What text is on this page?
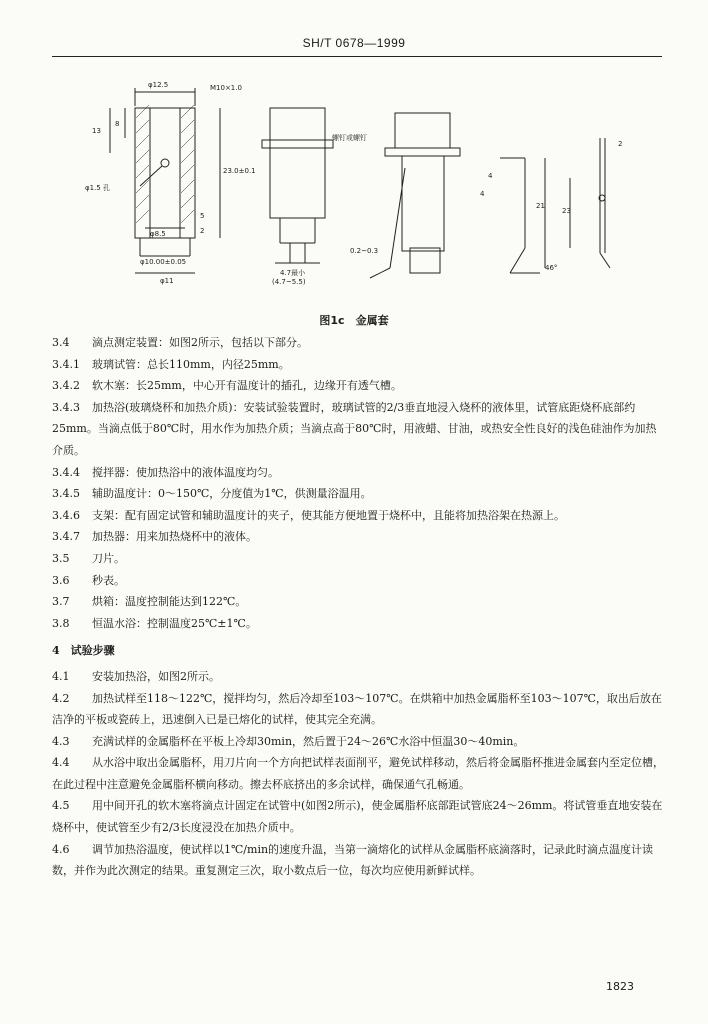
SH/T 0678—1999
φ12.5	M10×1.0
13
8
φ1.5 孔
23.0±0.1
φ8.5
φ10.00±0.05
φ11
5
2
4.7最小
(4.7~5.5)
螺钉或螺钉
0.2~0.3
4
21
23
46°
2
4
图1c　金属套

3.4 滴点测定装置：如图2所示，包括以下部分。

3.4.1 玻璃试管：总长110mm，内径25mm。

3.4.2 软木塞：长25mm，中心开有温度计的插孔，边缘开有透气槽。

3.4.3 加热浴(玻璃烧杯和加热介质)：安装试验装置时，玻璃试管的2/3垂直地浸入烧杯的液体里，试管底距烧杯底部约25mm。当滴点低于80℃时，用水作为加热介质；当滴点高于80℃时，用液蜡、甘油，或热安全性良好的浅色硅油作为加热介质。

3.4.4 搅拌器：使加热浴中的液体温度均匀。

3.4.5 辅助温度计：0～150℃，分度值为1℃，供测量浴温用。

3.4.6 支架：配有固定试管和辅助温度计的夹子，使其能方便地置于烧杯中，且能将加热浴架在热源上。

3.4.7 加热器：用来加热烧杯中的液体。

3.5 刀片。

3.6 秒表。

3.7 烘箱：温度控制能达到122℃。

3.8 恒温水浴：控制温度25℃±1℃。

4　试验步骤

4.1 安装加热浴，如图2所示。

4.2 加热试样至118～122℃，搅拌均匀，然后冷却至103～107℃。在烘箱中加热金属脂杯至103～107℃，取出后放在洁净的平板或瓷砖上，迅速倒入已是已熔化的试样，使其完全充满。

4.3 充满试样的金属脂杯在平板上冷却30min，然后置于24～26℃水浴中恒温30～40min。

4.4 从水浴中取出金属脂杯，用刀片向一个方向把试样表面削平，避免试样移动，然后将金属脂杯推进金属套内至定位槽，在此过程中注意避免金属脂杯横向移动。擦去杯底挤出的多余试样，确保通气孔畅通。

4.5 用中间开孔的软木塞将滴点计固定在试管中(如图2所示)，使金属脂杯底部距试管底24～26mm。将试管垂直地安装在烧杯中，使试管至少有2/3长度浸没在加热介质中。

4.6 调节加热浴温度，使试样以1℃/min的速度升温，当第一滴熔化的试样从金属脂杯底滴落时，记录此时滴点温度计读数，并作为此次测定的结果。重复测定三次，取小数点后一位，每次均应使用新鲜试样。

1823
